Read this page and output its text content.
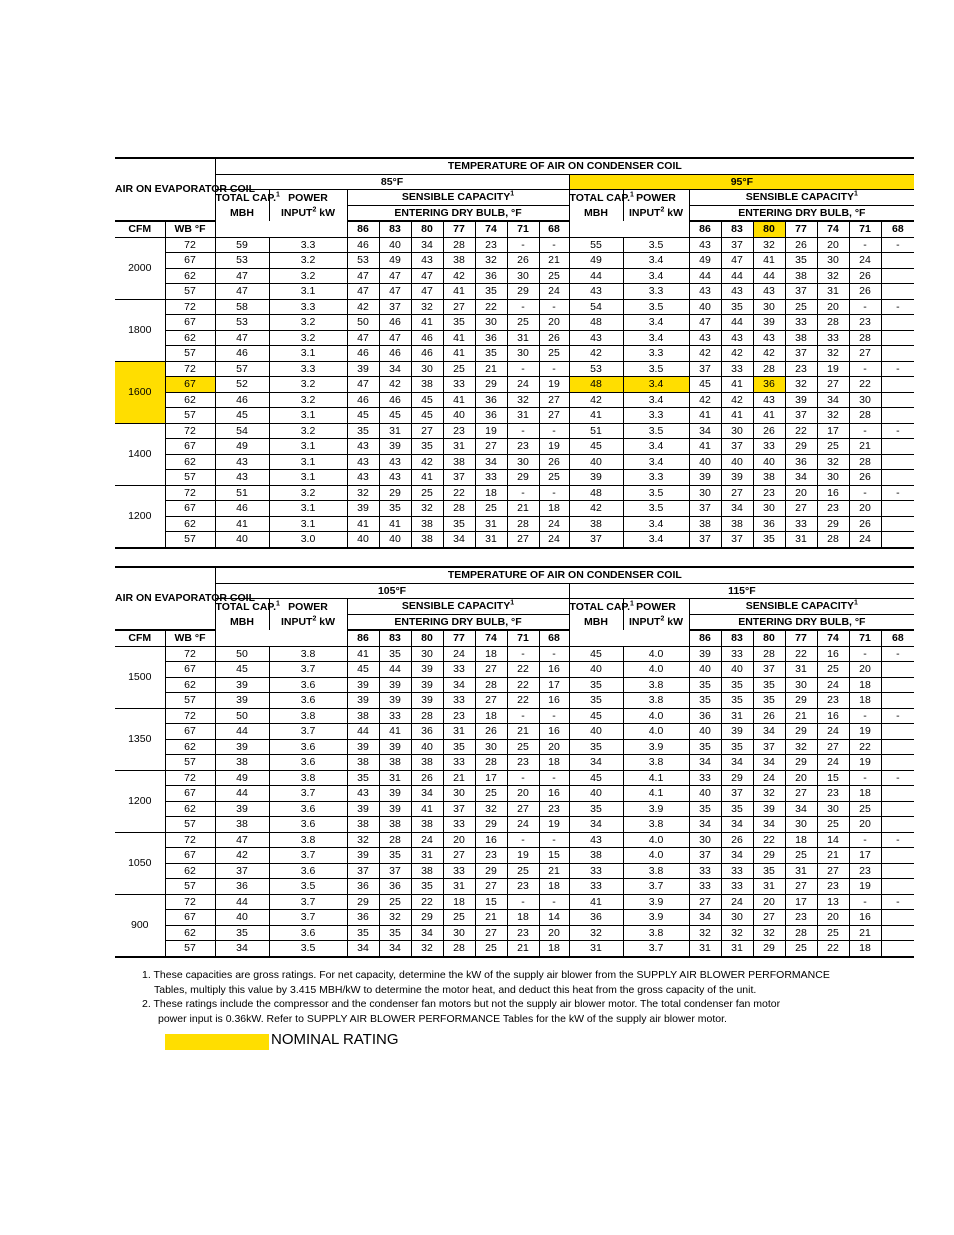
AIR ON EVAPORATOR COIL		TEMPERATURE OF AIR ON CONDENSER COIL																	
		85°F									95°F								
		TOTAL CAP.$^1$
MBH	POWER
INPUT$^2$ kW	SENSIBLE CAPACITY$^1$							TOTAL CAP.$^1$
MBH	POWER
INPUT$^2$ kW	SENSIBLE CAPACITY$^1$
				ENTERING DRY BULB, °F									ENTERING DRY BULB, °F						
CFM	WB °F			86	83	80	77	74	71	68			86	83	80	77	74	71	68
2000	72	59	3.3	46	40	34	28	23	-	-	55	3.5	43	37	32	26	20	-	-
	67	53	3.2	53	49	43	38	32	26	21	49	3.4	49	47	41	35	30	24	
	62	47	3.2	47	47	47	42	36	30	25	44	3.4	44	44	44	38	32	26	
	57	47	3.1	47	47	47	41	35	29	24	43	3.3	43	43	43	37	31	26	
1800	72	58	3.3	42	37	32	27	22	-	-	54	3.5	40	35	30	25	20	-	-
	67	53	3.2	50	46	41	35	30	25	20	48	3.4	47	44	39	33	28	23	
	62	47	3.2	47	47	46	41	36	31	26	43	3.4	43	43	43	38	33	28	
	57	46	3.1	46	46	46	41	35	30	25	42	3.3	42	42	42	37	32	27	
1600	72	57	3.3	39	34	30	25	21	-	-	53	3.5	37	33	28	23	19	-	-
	67	52	3.2	47	42	38	33	29	24	19	48	3.4	45	41	36	32	27	22	
	62	46	3.2	46	46	45	41	36	32	27	42	3.4	42	42	43	39	34	30	
	57	45	3.1	45	45	45	40	36	31	27	41	3.3	41	41	41	37	32	28	
1400	72	54	3.2	35	31	27	23	19	-	-	51	3.5	34	30	26	22	17	-	-
	67	49	3.1	43	39	35	31	27	23	19	45	3.4	41	37	33	29	25	21	
	62	43	3.1	43	43	42	38	34	30	26	40	3.4	40	40	40	36	32	28	
	57	43	3.1	43	43	41	37	33	29	25	39	3.3	39	39	38	34	30	26	
1200	72	51	3.2	32	29	25	22	18	-	-	48	3.5	30	27	23	20	16	-	-
	67	46	3.1	39	35	32	28	25	21	18	42	3.5	37	34	30	27	23	20	
	62	41	3.1	41	41	38	35	31	28	24	38	3.4	38	38	36	33	29	26	
	57	40	3.0	40	40	38	34	31	27	24	37	3.4	37	37	35	31	28	24	
AIR ON EVAPORATOR COIL		TEMPERATURE OF AIR ON CONDENSER COIL																	
		105°F									115°F								
		TOTAL CAP.$^1$
MBH	POWER
INPUT$^2$ kW	SENSIBLE CAPACITY$^1$							TOTAL CAP.$^1$
MBH	POWER
INPUT$^2$ kW	SENSIBLE CAPACITY$^1$
				ENTERING DRY BULB, °F									ENTERING DRY BULB, °F						
CFM	WB °F			86	83	80	77	74	71	68			86	83	80	77	74	71	68
1500	72	50	3.8	41	35	30	24	18	-	-	45	4.0	39	33	28	22	16	-	-
	67	45	3.7	45	44	39	33	27	22	16	40	4.0	40	40	37	31	25	20	
	62	39	3.6	39	39	39	34	28	22	17	35	3.8	35	35	35	30	24	18	
	57	39	3.6	39	39	39	33	27	22	16	35	3.8	35	35	35	29	23	18	
1350	72	50	3.8	38	33	28	23	18	-	-	45	4.0	36	31	26	21	16	-	-
	67	44	3.7	44	41	36	31	26	21	16	40	4.0	40	39	34	29	24	19	
	62	39	3.6	39	39	40	35	30	25	20	35	3.9	35	35	37	32	27	22	
	57	38	3.6	38	38	38	33	28	23	18	34	3.8	34	34	34	29	24	19	
1200	72	49	3.8	35	31	26	21	17	-	-	45	4.1	33	29	24	20	15	-	-
	67	44	3.7	43	39	34	30	25	20	16	40	4.1	40	37	32	27	23	18	
	62	39	3.6	39	39	41	37	32	27	23	35	3.9	35	35	39	34	30	25	
	57	38	3.6	38	38	38	33	29	24	19	34	3.8	34	34	34	30	25	20	
1050	72	47	3.8	32	28	24	20	16	-	-	43	4.0	30	26	22	18	14	-	-
	67	42	3.7	39	35	31	27	23	19	15	38	4.0	37	34	29	25	21	17	
	62	37	3.6	37	37	38	33	29	25	21	33	3.8	33	33	35	31	27	23	
	57	36	3.5	36	36	35	31	27	23	18	33	3.7	33	33	31	27	23	19	
900	72	44	3.7	29	25	22	18	15	-	-	41	3.9	27	24	20	17	13	-	-
	67	40	3.7	36	32	29	25	21	18	14	36	3.9	34	30	27	23	20	16	
	62	35	3.6	35	35	34	30	27	23	20	32	3.8	32	32	32	28	25	21	
	57	34	3.5	34	34	32	28	25	21	18	31	3.7	31	31	29	25	22	18	
1. These capacities are gross ratings. For net capacity, determine the kW of the supply air blower from the SUPPLY AIR BLOWER PERFORMANCE
Tables, multiply this value by 3.415 MBH/kW to determine the motor heat, and deduct this heat from the gross capacity of the unit.
2. These ratings include the compressor and the condenser fan motors but not the supply air blower motor. The total condenser fan motor
power input is 0.36kW. Refer to SUPPLY AIR BLOWER PERFORMANCE Tables for the kW of the supply air blower motor.
NOMINAL RATING
